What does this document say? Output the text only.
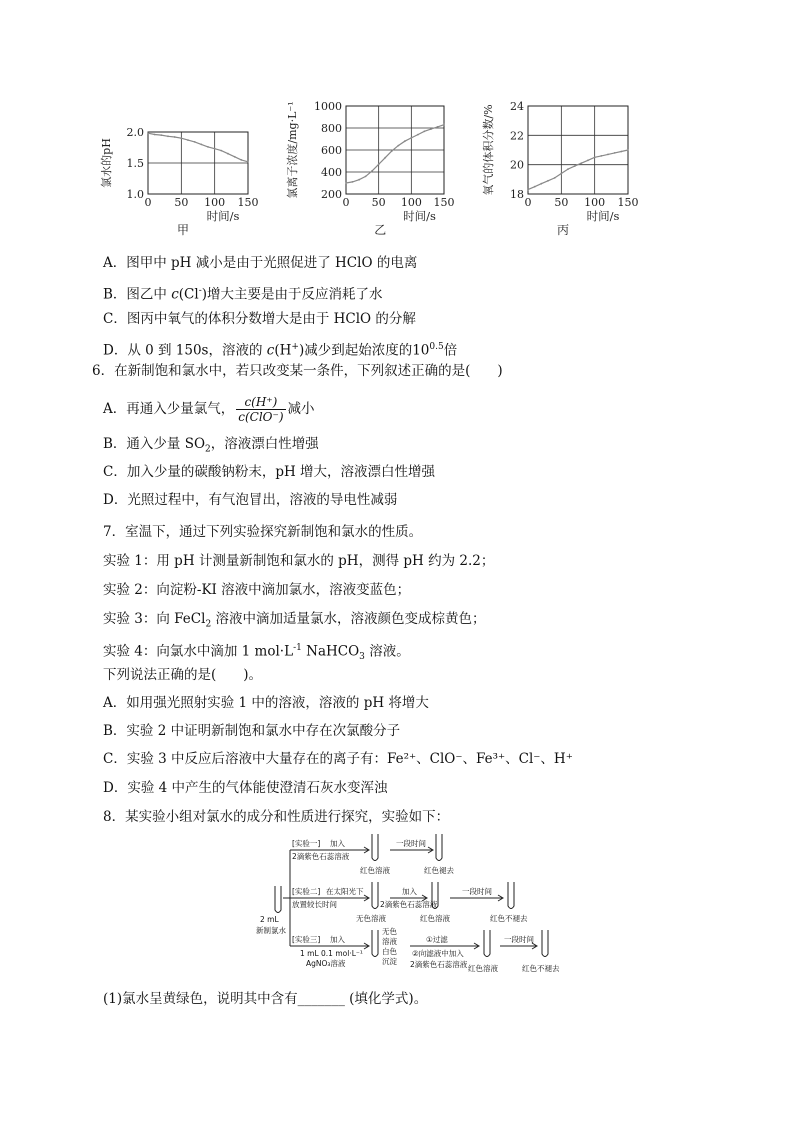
0 50 100 150
1.0
1.5
2.0
时间/s
甲
氯水的pH
0 50 100 150
200
400
600
800
1000
时间/s
乙
氯离子浓度/mg·L⁻¹
0 50 100 150
18
20
22
24
时间/s
丙
氧气的体积分数/%
A．图甲中 pH 减小是由于光照促进了 HClO 的电离
B．图乙中 c(Cl-)增大主要是由于反应消耗了水
C．图丙中氧气的体积分数增大是由于 HClO 的分解
D．从 0 到 150s，溶液的 c(H+)减少到起始浓度的$10^{0.5}$倍
6．在新制饱和氯水中，若只改变某一条件，下列叙述正确的是(　　)
A．再通入少量氯气， $\frac{c(H^+)}{\text{c(ClO⁻)}}$ 减小
B．通入少量 $SO_2$，溶液漂白性增强
C．加入少量的碳酸钠粉末，pH 增大，溶液漂白性增强
D．光照过程中，有气泡冒出，溶液的导电性减弱
7．室温下，通过下列实验探究新制饱和氯水的性质。
实验 1：用 pH 计测量新制饱和氯水的 pH，测得 pH 约为 2.2；
实验 2：向淀粉-KI 溶液中滴加氯水，溶液变蓝色；
实验 3：向 FeCl$_2$ 溶液中滴加适量氯水，溶液颜色变成棕黄色；
实验 4：向氯水中滴加 1 $mol\cdot L^{-1}$ NaHCO$_3$ 溶液。
下列说法正确的是(　　)。
A．如用强光照射实验 1 中的溶液，溶液的 pH 将增大
B．实验 2 中证明新制饱和氯水中存在次氯酸分子
C．实验 3 中反应后溶液中大量存在的离子有：Fe²⁺、ClO⁻、Fe³⁺、Cl⁻、H⁺
D．实验 4 中产生的气体能使澄清石灰水变浑浊
8．某实验小组对氯水的成分和性质进行探究，实验如下：
2 mL
新制氯水
[实验一] 加入
2滴紫色石蕊溶液
一段时间
红色溶液	红色褪去
[实验二] 在太阳光下
放置较长时间
加入
2滴紫色石蕊溶液
一段时间
无色溶液	红色溶液	红色不褪去
[实验三] 加入
1 mL 0.1 mol·L⁻¹
AgNO₃溶液
无色
溶液
白色
沉淀
①过滤
②向滤液中加入
2滴紫色石蕊溶液
一段时间
红色溶液	红色不褪去
(1)氯水呈黄绿色，说明其中含有_______ (填化学式)。
